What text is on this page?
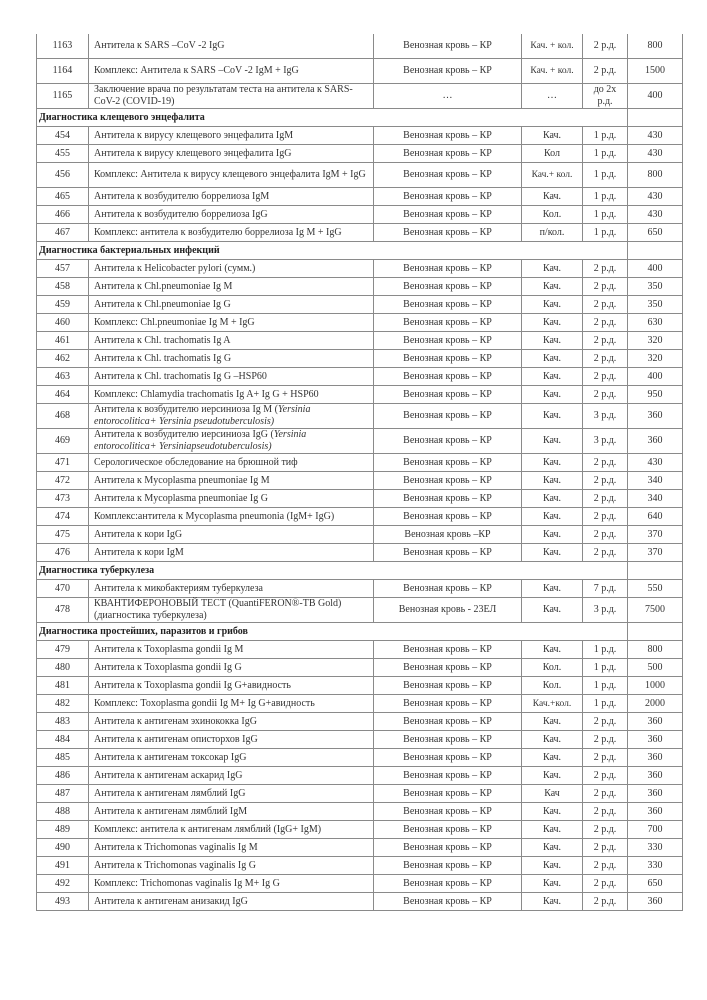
1163	Антитела к SARS –CoV -2 IgG	Венозная кровь – КР	Кач. + кол.	2 р.д.	800
1164	Комплекс: Антитела к SARS –CoV -2 IgM + IgG	Венозная кровь – КР	Кач. + кол.	2 р.д.	1500
1165	Заключение врача по результатам теста на антитела к SARS-CoV-2 (COVID-19)	…	…	до 2х р.д.	400
Диагностика клещевого энцефалита					
454	Антитела к вирусу клещевого энцефалита IgM	Венозная кровь – КР	Кач.	1 р.д.	430
455	Антитела к вирусу клещевого энцефалита IgG	Венозная кровь – КР	Кол	1 р.д.	430
456	Комплекс: Антитела к вирусу клещевого энцефалита IgM + IgG	Венозная кровь – КР	Кач.+ кол.	1 р.д.	800
465	Антитела к возбудителю боррелиоза IgM	Венозная кровь – КР	Кач.	1 р.д.	430
466	Антитела к возбудителю боррелиоза IgG	Венозная кровь – КР	Кол.	1 р.д.	430
467	Комплекс: антитела к возбудителю боррелиоза Ig M + IgG	Венозная кровь – КР	п/кол.	1 р.д.	650
Диагностика бактериальных инфекций					
457	Антитела к Helicobacter pylori (сумм.)	Венозная кровь – КР	Кач.	2 р.д.	400
458	Антитела к Chl.pneumoniae Ig M	Венозная кровь – КР	Кач.	2 р.д.	350
459	Антитела к Chl.pneumoniae Ig G	Венозная кровь – КР	Кач.	2 р.д.	350
460	Комплекс: Chl.pneumoniae Ig M + IgG	Венозная кровь – КР	Кач.	2 р.д.	630
461	Антитела к Chl. trachomatis Ig A	Венозная кровь – КР	Кач.	2 р.д.	320
462	Антитела к Chl. trachomatis Ig G	Венозная кровь – КР	Кач.	2 р.д.	320
463	Антитела к Chl. trachomatis Ig G –HSP60	Венозная кровь – КР	Кач.	2 р.д.	400
464	Комплекс: Chlamydia trachomatis Ig A+ Ig G + HSP60	Венозная кровь – КР	Кач.	2 р.д.	950
468	Антитела к возбудителю иерсиниоза Ig M (Yersinia entorocolitica+ Yersinia pseudotuberculosis)	Венозная кровь – КР	Кач.	3 р.д.	360
469	Антитела к возбудителю иерсиниоза IgG (Yersinia entorocolitica+ Yersiniapseudotuberculosis)	Венозная кровь – КР	Кач.	3 р.д.	360
471	Серологическое обследование на брюшной тиф	Венозная кровь – КР	Кач.	2 р.д.	430
472	Антитела к Mycoplasma pneumoniae Ig M	Венозная кровь – КР	Кач.	2 р.д.	340
473	Антитела к Mycoplasma pneumoniae Ig G	Венозная кровь – КР	Кач.	2 р.д.	340
474	Комплекс:антитела к Mycoplasma pneumonia (IgM+ IgG)	Венозная кровь – КР	Кач.	2 р.д.	640
475	Антитела к кори IgG	Венозная кровь –КР	Кач.	2 р.д.	370
476	Антитела к кори IgM	Венозная кровь – КР	Кач.	2 р.д.	370
Диагностика туберкулеза					
470	Антитела к микобактериям туберкулеза	Венозная кровь – КР	Кач.	7 р.д.	550
478	КВАНТИФЕРОНОВЫЙ ТЕСТ (QuantiFERON®-TB Gold) (диагностика туберкулеза)	Венозная кровь - 23ЕЛ	Кач.	3 р.д.	7500
Диагностика простейших, паразитов и грибов					
479	Антитела к Toxoplasma gondii Ig M	Венозная кровь – КР	Кач.	1 р.д.	800
480	Антитела к Toxoplasma gondii Ig G	Венозная кровь – КР	Кол.	1 р.д.	500
481	Антитела к Toxoplasma gondii Ig G+авидность	Венозная кровь – КР	Кол.	1 р.д.	1000
482	Комплекс: Toxoplasma gondii Ig M+ Ig G+авидность	Венозная кровь – КР	Кач.+кол.	1 р.д.	2000
483	Антитела к антигенам эхинококка IgG	Венозная кровь – КР	Кач.	2 р.д.	360
484	Антитела к антигенам описторхов IgG	Венозная кровь – КР	Кач.	2 р.д.	360
485	Антитела к антигенам токсокар IgG	Венозная кровь – КР	Кач.	2 р.д.	360
486	Антитела к антигенам аскарид IgG	Венозная кровь – КР	Кач.	2 р.д.	360
487	Антитела к антигенам лямблий IgG	Венозная кровь – КР	Кач	2 р.д.	360
488	Антитела к антигенам лямблий IgM	Венозная кровь – КР	Кач.	2 р.д.	360
489	Комплекс: антитела к антигенам лямблий (IgG+ IgM)	Венозная кровь – КР	Кач.	2 р.д.	700
490	Антитела к Trichomonas vaginalis Ig M	Венозная кровь – КР	Кач.	2 р.д.	330
491	Антитела к Trichomonas vaginalis Ig G	Венозная кровь – КР	Кач.	2 р.д.	330
492	Комплекс: Trichomonas vaginalis Ig M+ Ig G	Венозная кровь – КР	Кач.	2 р.д.	650
493	Антитела к антигенам анизакид IgG	Венозная кровь – КР	Кач.	2 р.д.	360
